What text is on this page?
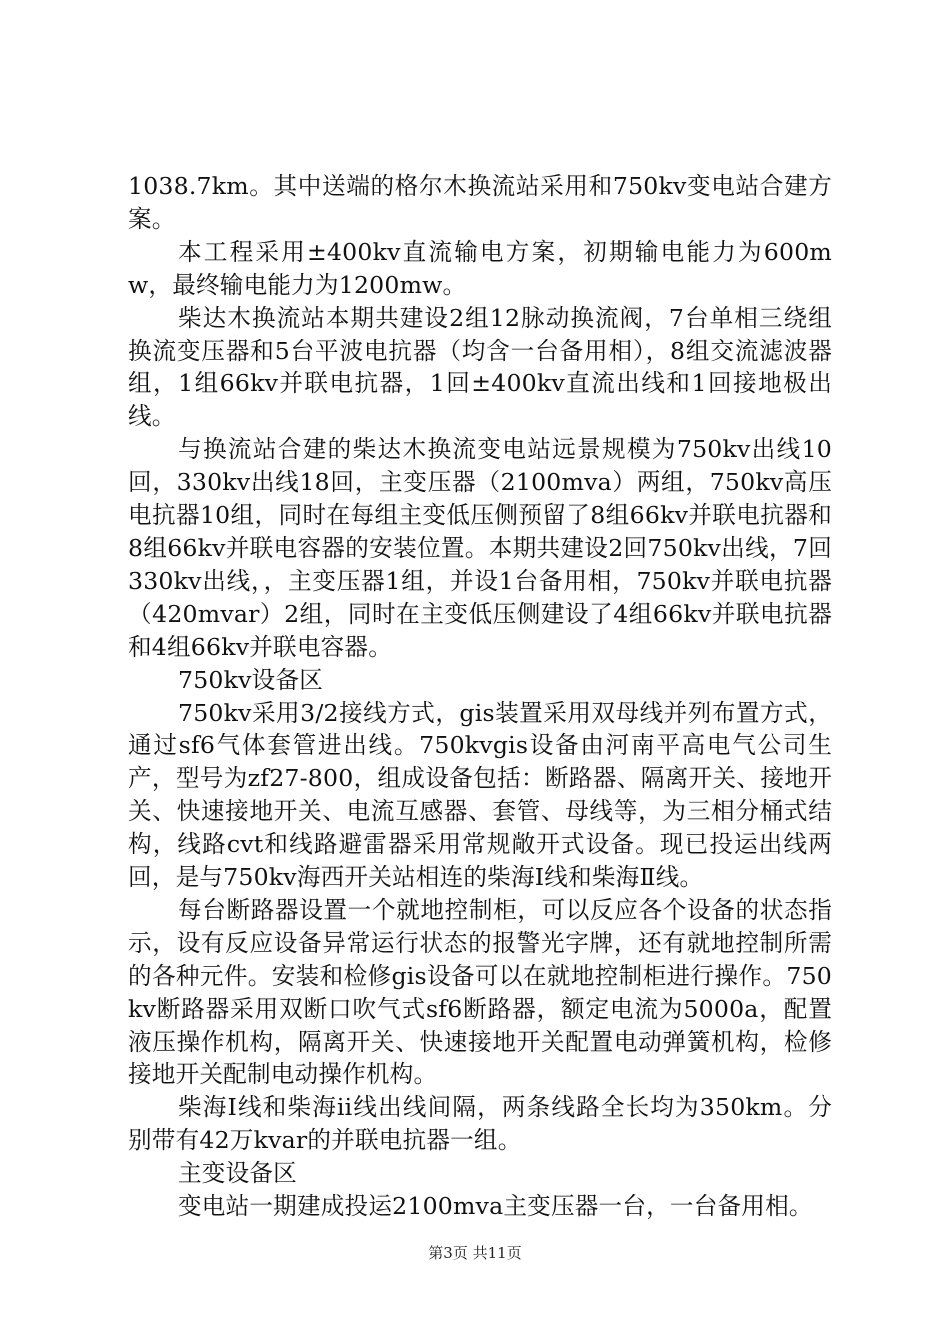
1038.7km。其中送端的格尔木换流站采用和750kv变电站合建方案。

本工程采用±400kv直流输电方案，初期输电能力为600mw，最终输电能力为1200mw。

柴达木换流站本期共建设2组12脉动换流阀，7台单相三绕组换流变压器和5台平波电抗器（均含一台备用相），8组交流滤波器组，1组66kv并联电抗器，1回±400kv直流出线和1回接地极出线。

与换流站合建的柴达木换流变电站远景规模为750kv出线10回，330kv出线18回，主变压器（2100mva）两组，750kv高压电抗器10组，同时在每组主变低压侧预留了8组66kv并联电抗器和8组66kv并联电容器的安装位置。本期共建设2回750kv出线，7回330kv出线，，主变压器1组，并设1台备用相，750kv并联电抗器（420mvar）2组，同时在主变低压侧建设了4组66kv并联电抗器和4组66kv并联电容器。

750kv设备区

750kv采用3/2接线方式，gis装置采用双母线并列布置方式，通过sf6气体套管进出线。750kvgis设备由河南平高电气公司生产，型号为zf27-800，组成设备包括：断路器、隔离开关、接地开关、快速接地开关、电流互感器、套管、母线等，为三相分桶式结构，线路cvt和线路避雷器采用常规敞开式设备。现已投运出线两回，是与750kv海西开关站相连的柴海Ⅰ线和柴海Ⅱ线。

每台断路器设置一个就地控制柜，可以反应各个设备的状态指示，设有反应设备异常运行状态的报警光字牌，还有就地控制所需的各种元件。安装和检修gis设备可以在就地控制柜进行操作。750kv断路器采用双断口吹气式sf6断路器，额定电流为5000a，配置液压操作机构，隔离开关、快速接地开关配置电动弹簧机构，检修接地开关配制电动操作机构。

柴海Ⅰ线和柴海ii线出线间隔，两条线路全长均为350km。分别带有42万kvar的并联电抗器一组。

主变设备区

变电站一期建成投运2100mva主变压器一台，一台备用相。

第3页 共11页
